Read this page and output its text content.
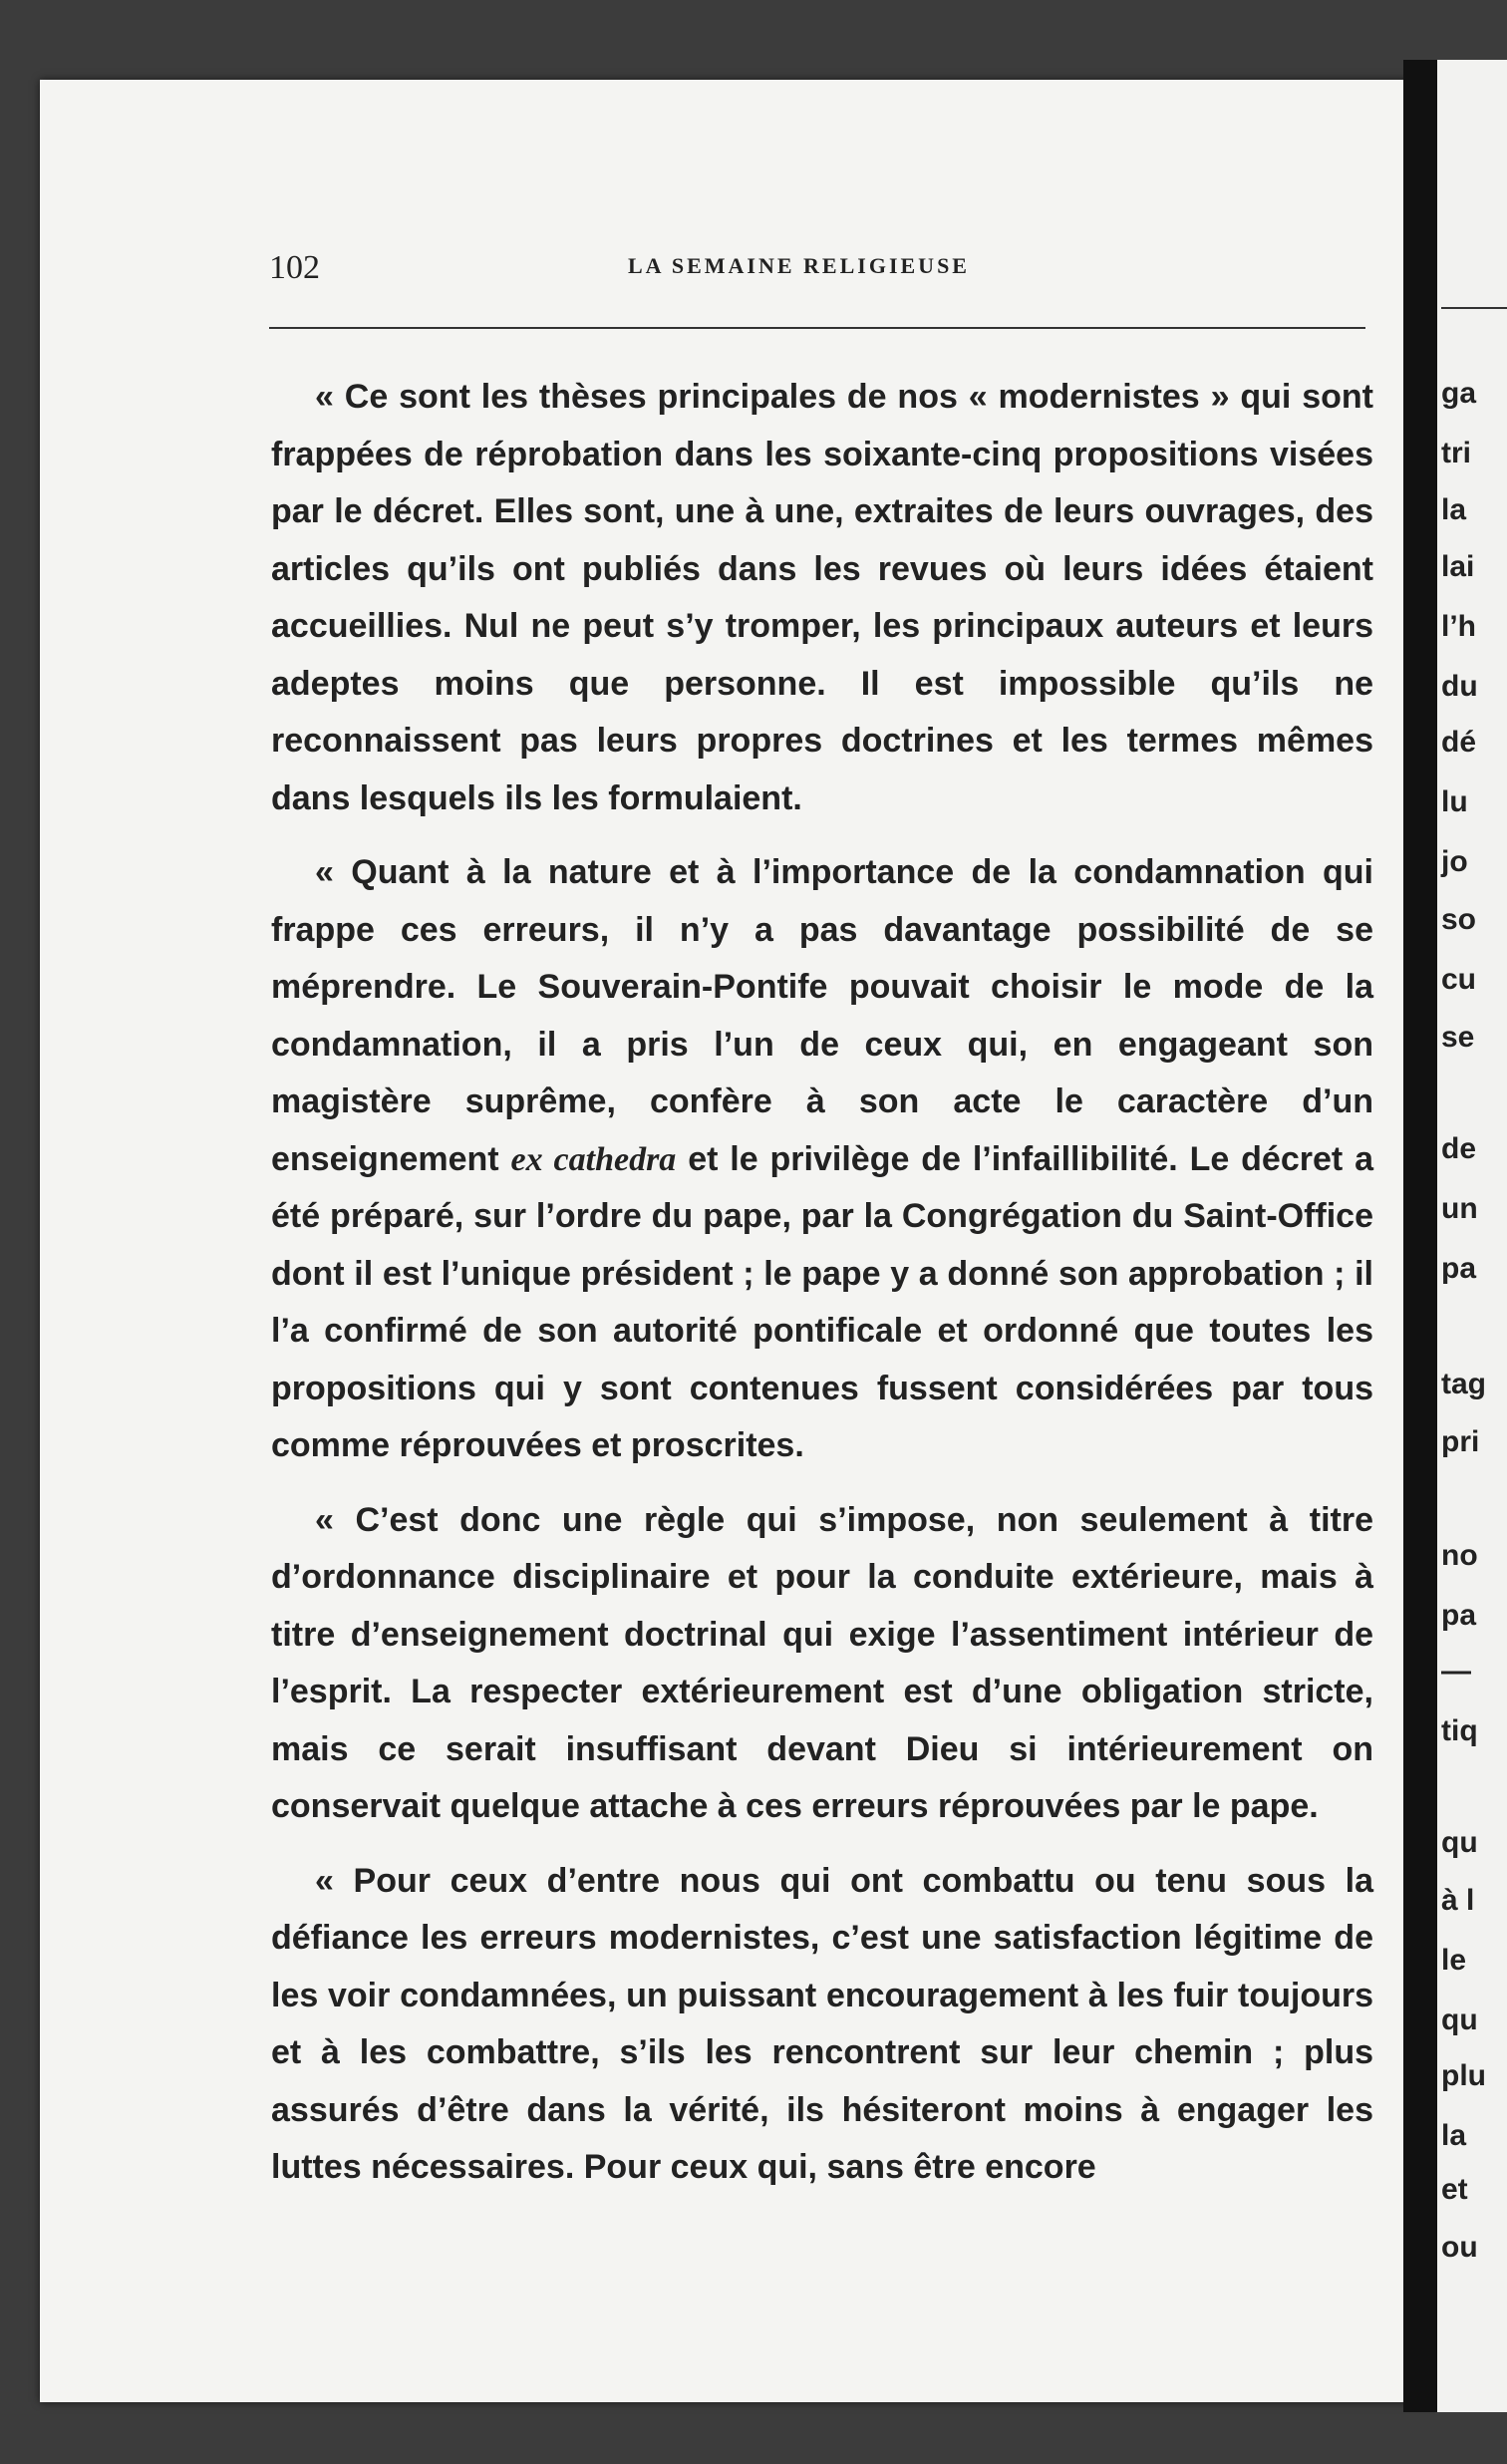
102	LA SEMAINE RELIGIEUSE

« Ce sont les thèses principales de nos « modernistes » qui sont frappées de réprobation dans les soixante-cinq propositions visées par le décret. Elles sont, une à une, extraites de leurs ouvrages, des articles qu’ils ont publiés dans les revues où leurs idées étaient accueillies. Nul ne peut s’y tromper, les principaux auteurs et leurs adeptes moins que personne. Il est impossible qu’ils ne reconnaissent pas leurs propres doctrines et les termes mêmes dans lesquels ils les formulaient.

« Quant à la nature et à l’importance de la condamnation qui frappe ces erreurs, il n’y a pas davantage possibilité de se méprendre. Le Souverain-Pontife pouvait choisir le mode de la condamnation, il a pris l’un de ceux qui, en engageant son magistère suprême, confère à son acte le caractère d’un enseignement ex cathedra et le privilège de l’infaillibilité. Le décret a été préparé, sur l’ordre du pape, par la Congrégation du Saint-Office dont il est l’unique président ; le pape y a donné son approbation ; il l’a confirmé de son autorité pontificale et ordonné que toutes les propositions qui y sont contenues fussent considérées par tous comme réprouvées et proscrites.

« C’est donc une règle qui s’impose, non seulement à titre d’ordonnance disciplinaire et pour la conduite extérieure, mais à titre d’enseignement doctrinal qui exige l’assentiment intérieur de l’esprit. La respecter extérieurement est d’une obligation stricte, mais ce serait insuffisant devant Dieu si intérieurement on conservait quelque attache à ces erreurs réprouvées par le pape.

« Pour ceux d’entre nous qui ont combattu ou tenu sous la défiance les erreurs modernistes, c’est une satisfaction légitime de les voir condamnées, un puissant encouragement à les fuir toujours et à les combattre, s’ils les rencontrent sur leur chemin ; plus assurés d’être dans la vérité, ils hésiteront moins à engager les luttes nécessaires. Pour ceux qui, sans être encore

ga
tri
la
lai
l’h
du
dé
lu
jo
so
cu
se
de
un
pa
tag
pri
no
pa
—
tiq
qu
à l
le
qu
plu
la
et
ou
